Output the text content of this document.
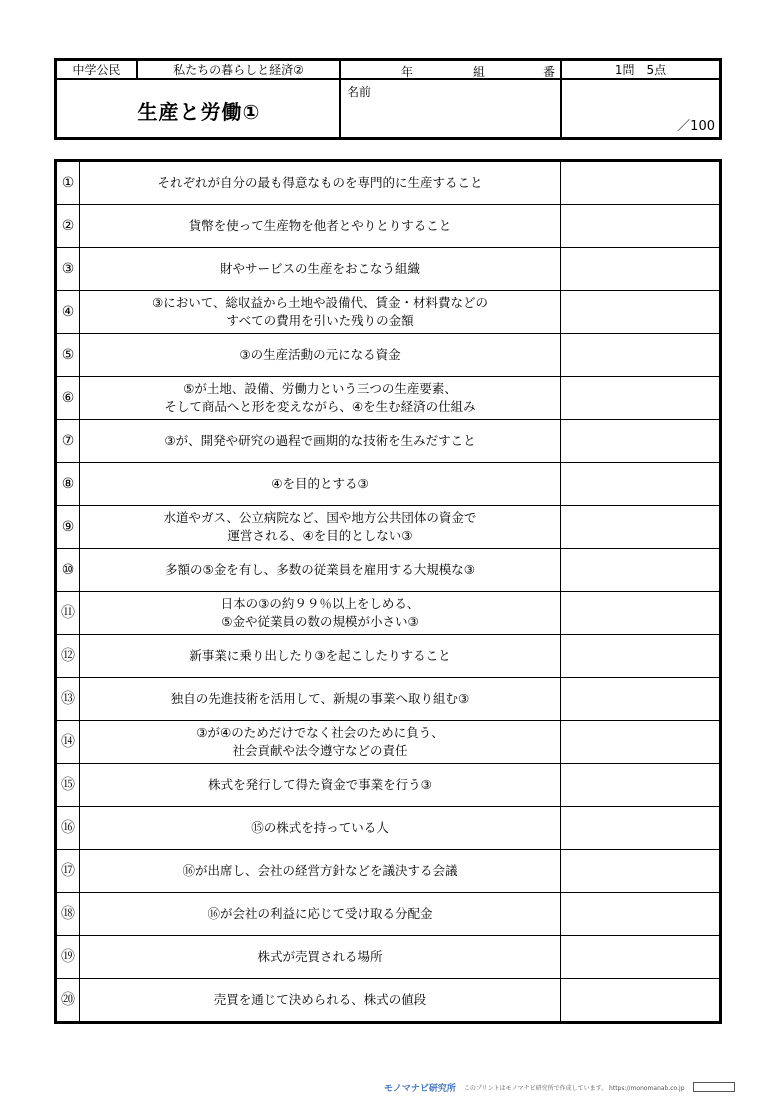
中学公民	私たちの暮らしと経済②	年	組	番	1問　5点
生産と労働①
名前
／100
①	それぞれが自分の最も得意なものを専門的に生産すること	

②	貨幣を使って生産物を他者とやりとりすること	

③	財やサービスの生産をおこなう組織	

④	③において、総収益から土地や設備代、賃金・材料費などの
すべての費用を引いた残りの金額	

⑤	③の生産活動の元になる資金	

⑥	⑤が土地、設備、労働力という三つの生産要素、
そして商品へと形を変えながら、④を生む経済の仕組み	

⑦	③が、開発や研究の過程で画期的な技術を生みだすこと	

⑧	④を目的とする③	

⑨	水道やガス、公立病院など、国や地方公共団体の資金で
運営される、④を目的としない③	

⑩	多額の⑤金を有し、多数の従業員を雇用する大規模な③	

⑪	日本の③の約９９％以上をしめる、
⑤金や従業員の数の規模が小さい③	

⑫	新事業に乗り出したり③を起こしたりすること	

⑬	独自の先進技術を活用して、新規の事業へ取り組む③	

⑭	③が④のためだけでなく社会のために負う、
社会貢献や法令遵守などの責任	

⑮	株式を発行して得た資金で事業を行う③	

⑯	⑮の株式を持っている人	

⑰	⑯が出席し、会社の経営方針などを議決する会議	

⑱	⑯が会社の利益に応じて受け取る分配金	

⑲	株式が売買される場所	

⑳	売買を通じて決められる、株式の値段	

モノマナビ研究所 このプリントはモノマナビ研究所で作成しています。 https://monomanab.co.jp
